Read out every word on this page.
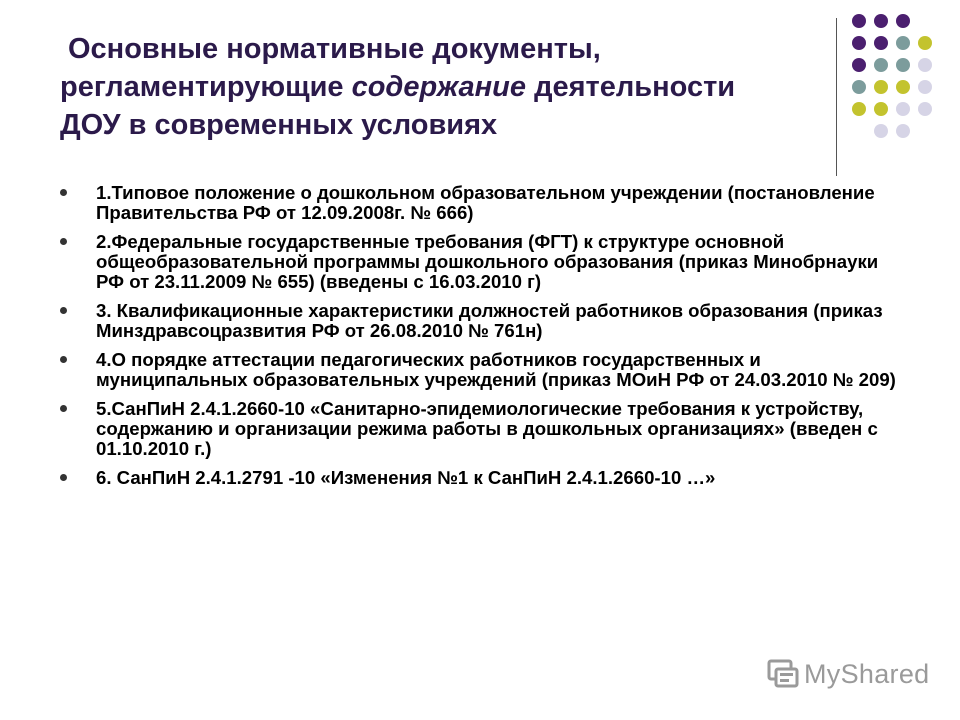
Основные нормативные документы,
регламентирующие содержание деятельности
ДОУ в современных условиях
1.Типовое положение о дошкольном образовательном учреждении (постановление Правительства РФ от 12.09.2008г. № 666)
2.Федеральные государственные требования (ФГТ) к структуре основной общеобразовательной программы дошкольного образования (приказ Минобрнауки РФ от 23.11.2009 № 655) (введены с 16.03.2010 г)
3. Квалификационные характеристики должностей работников образования (приказ Минздравсоцразвития РФ от 26.08.2010 № 761н)
4.О порядке аттестации педагогических работников государственных и муниципальных образовательных учреждений (приказ МОиН РФ от 24.03.2010 № 209)
5.СанПиН 2.4.1.2660-10 «Санитарно-эпидемиологические требования к устройству, содержанию и организации режима работы в дошкольных организациях» (введен с 01.10.2010 г.)
6. СанПиН 2.4.1.2791 -10 «Изменения №1 к СанПиН 2.4.1.2660-10 …»
MyShared
